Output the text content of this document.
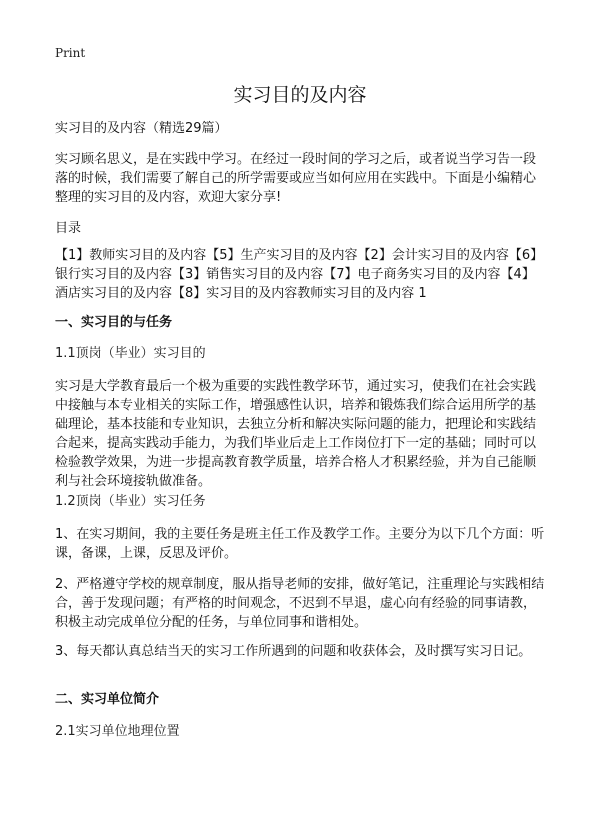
Print
实习目的及内容

实习目的及内容（精选29篇）

实习顾名思义，是在实践中学习。在经过一段时间的学习之后，或者说当学习告一段落的时候，我们需要了解自己的所学需要或应当如何应用在实践中。下面是小编精心整理的实习目的及内容，欢迎大家分享!

目录

【1】教师实习目的及内容【5】生产实习目的及内容【2】会计实习目的及内容【6】银行实习目的及内容【3】销售实习目的及内容【7】电子商务实习目的及内容【4】酒店实习目的及内容【8】实习目的及内容教师实习目的及内容 1

一、实习目的与任务

1.1顶岗（毕业）实习目的

实习是大学教育最后一个极为重要的实践性教学环节，通过实习，使我们在社会实践中接触与本专业相关的实际工作，增强感性认识，培养和锻炼我们综合运用所学的基础理论，基本技能和专业知识，去独立分析和解决实际问题的能力，把理论和实践结合起来，提高实践动手能力，为我们毕业后走上工作岗位打下一定的基础；同时可以检验教学效果，为进一步提高教育教学质量，培养合格人才积累经验，并为自己能顺利与社会环境接轨做准备。

1.2顶岗（毕业）实习任务

1、在实习期间，我的主要任务是班主任工作及教学工作。主要分为以下几个方面：听课，备课，上课，反思及评价。

2、严格遵守学校的规章制度，服从指导老师的安排，做好笔记，注重理论与实践相结合，善于发现问题；有严格的时间观念，不迟到不早退，虚心向有经验的同事请教，积极主动完成单位分配的任务，与单位同事和谐相处。

3、每天都认真总结当天的实习工作所遇到的问题和收获体会，及时撰写实习日记。

二、实习单位简介

2.1实习单位地理位置
